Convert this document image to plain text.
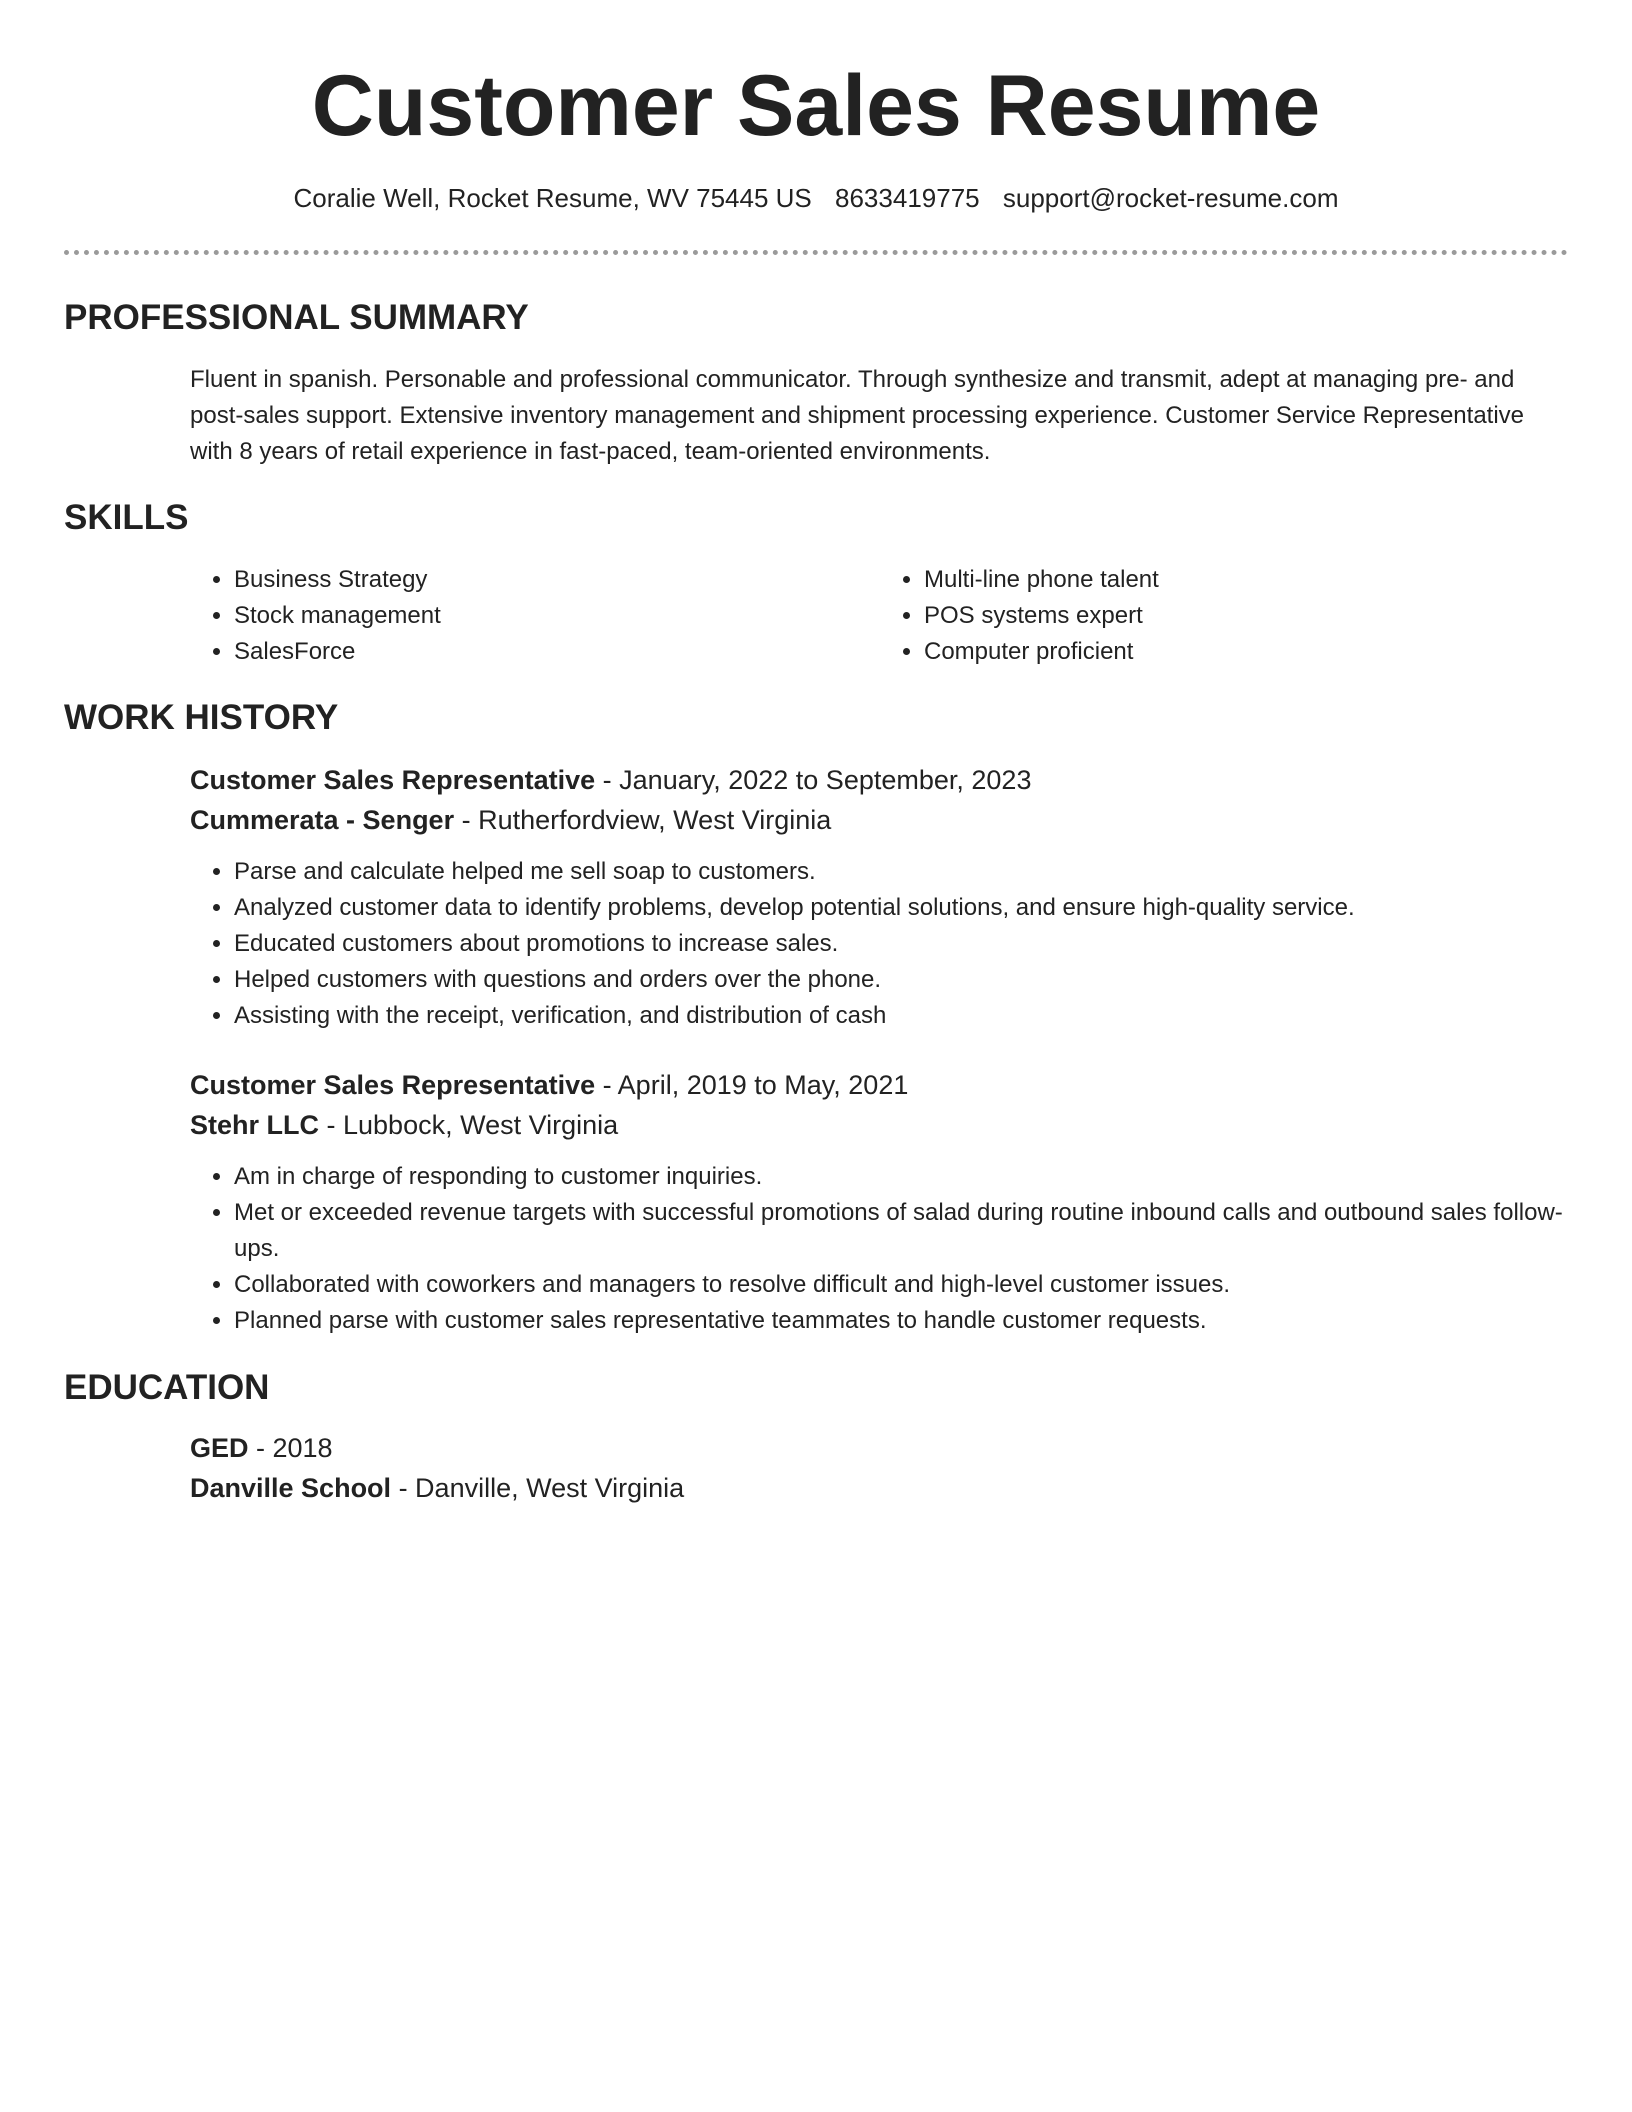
Customer Sales Resume
Coralie Well, Rocket Resume, WV 75445 US 8633419775 support@rocket-resume.com
PROFESSIONAL SUMMARY

Fluent in spanish. Personable and professional communicator. Through synthesize and transmit, adept at managing pre- and post-sales support. Extensive inventory management and shipment processing experience. Customer Service Representative with 8 years of retail experience in fast-paced, team-oriented environments.

SKILLS
• Business Strategy
• Stock management
• SalesForce
• Multi-line phone talent
• POS systems expert
• Computer proficient
WORK HISTORY

Customer Sales Representative - January, 2022 to September, 2023

Cummerata - Senger - Rutherfordview, West Virginia

• Parse and calculate helped me sell soap to customers.
• Analyzed customer data to identify problems, develop potential solutions, and ensure high-quality service.
• Educated customers about promotions to increase sales.
• Helped customers with questions and orders over the phone.
• Assisting with the receipt, verification, and distribution of cash

Customer Sales Representative - April, 2019 to May, 2021

Stehr LLC - Lubbock, West Virginia

• Am in charge of responding to customer inquiries.
• Met or exceeded revenue targets with successful promotions of salad during routine inbound calls and outbound sales follow-ups.
• Collaborated with coworkers and managers to resolve difficult and high-level customer issues.
• Planned parse with customer sales representative teammates to handle customer requests.
EDUCATION

GED - 2018

Danville School - Danville, West Virginia
